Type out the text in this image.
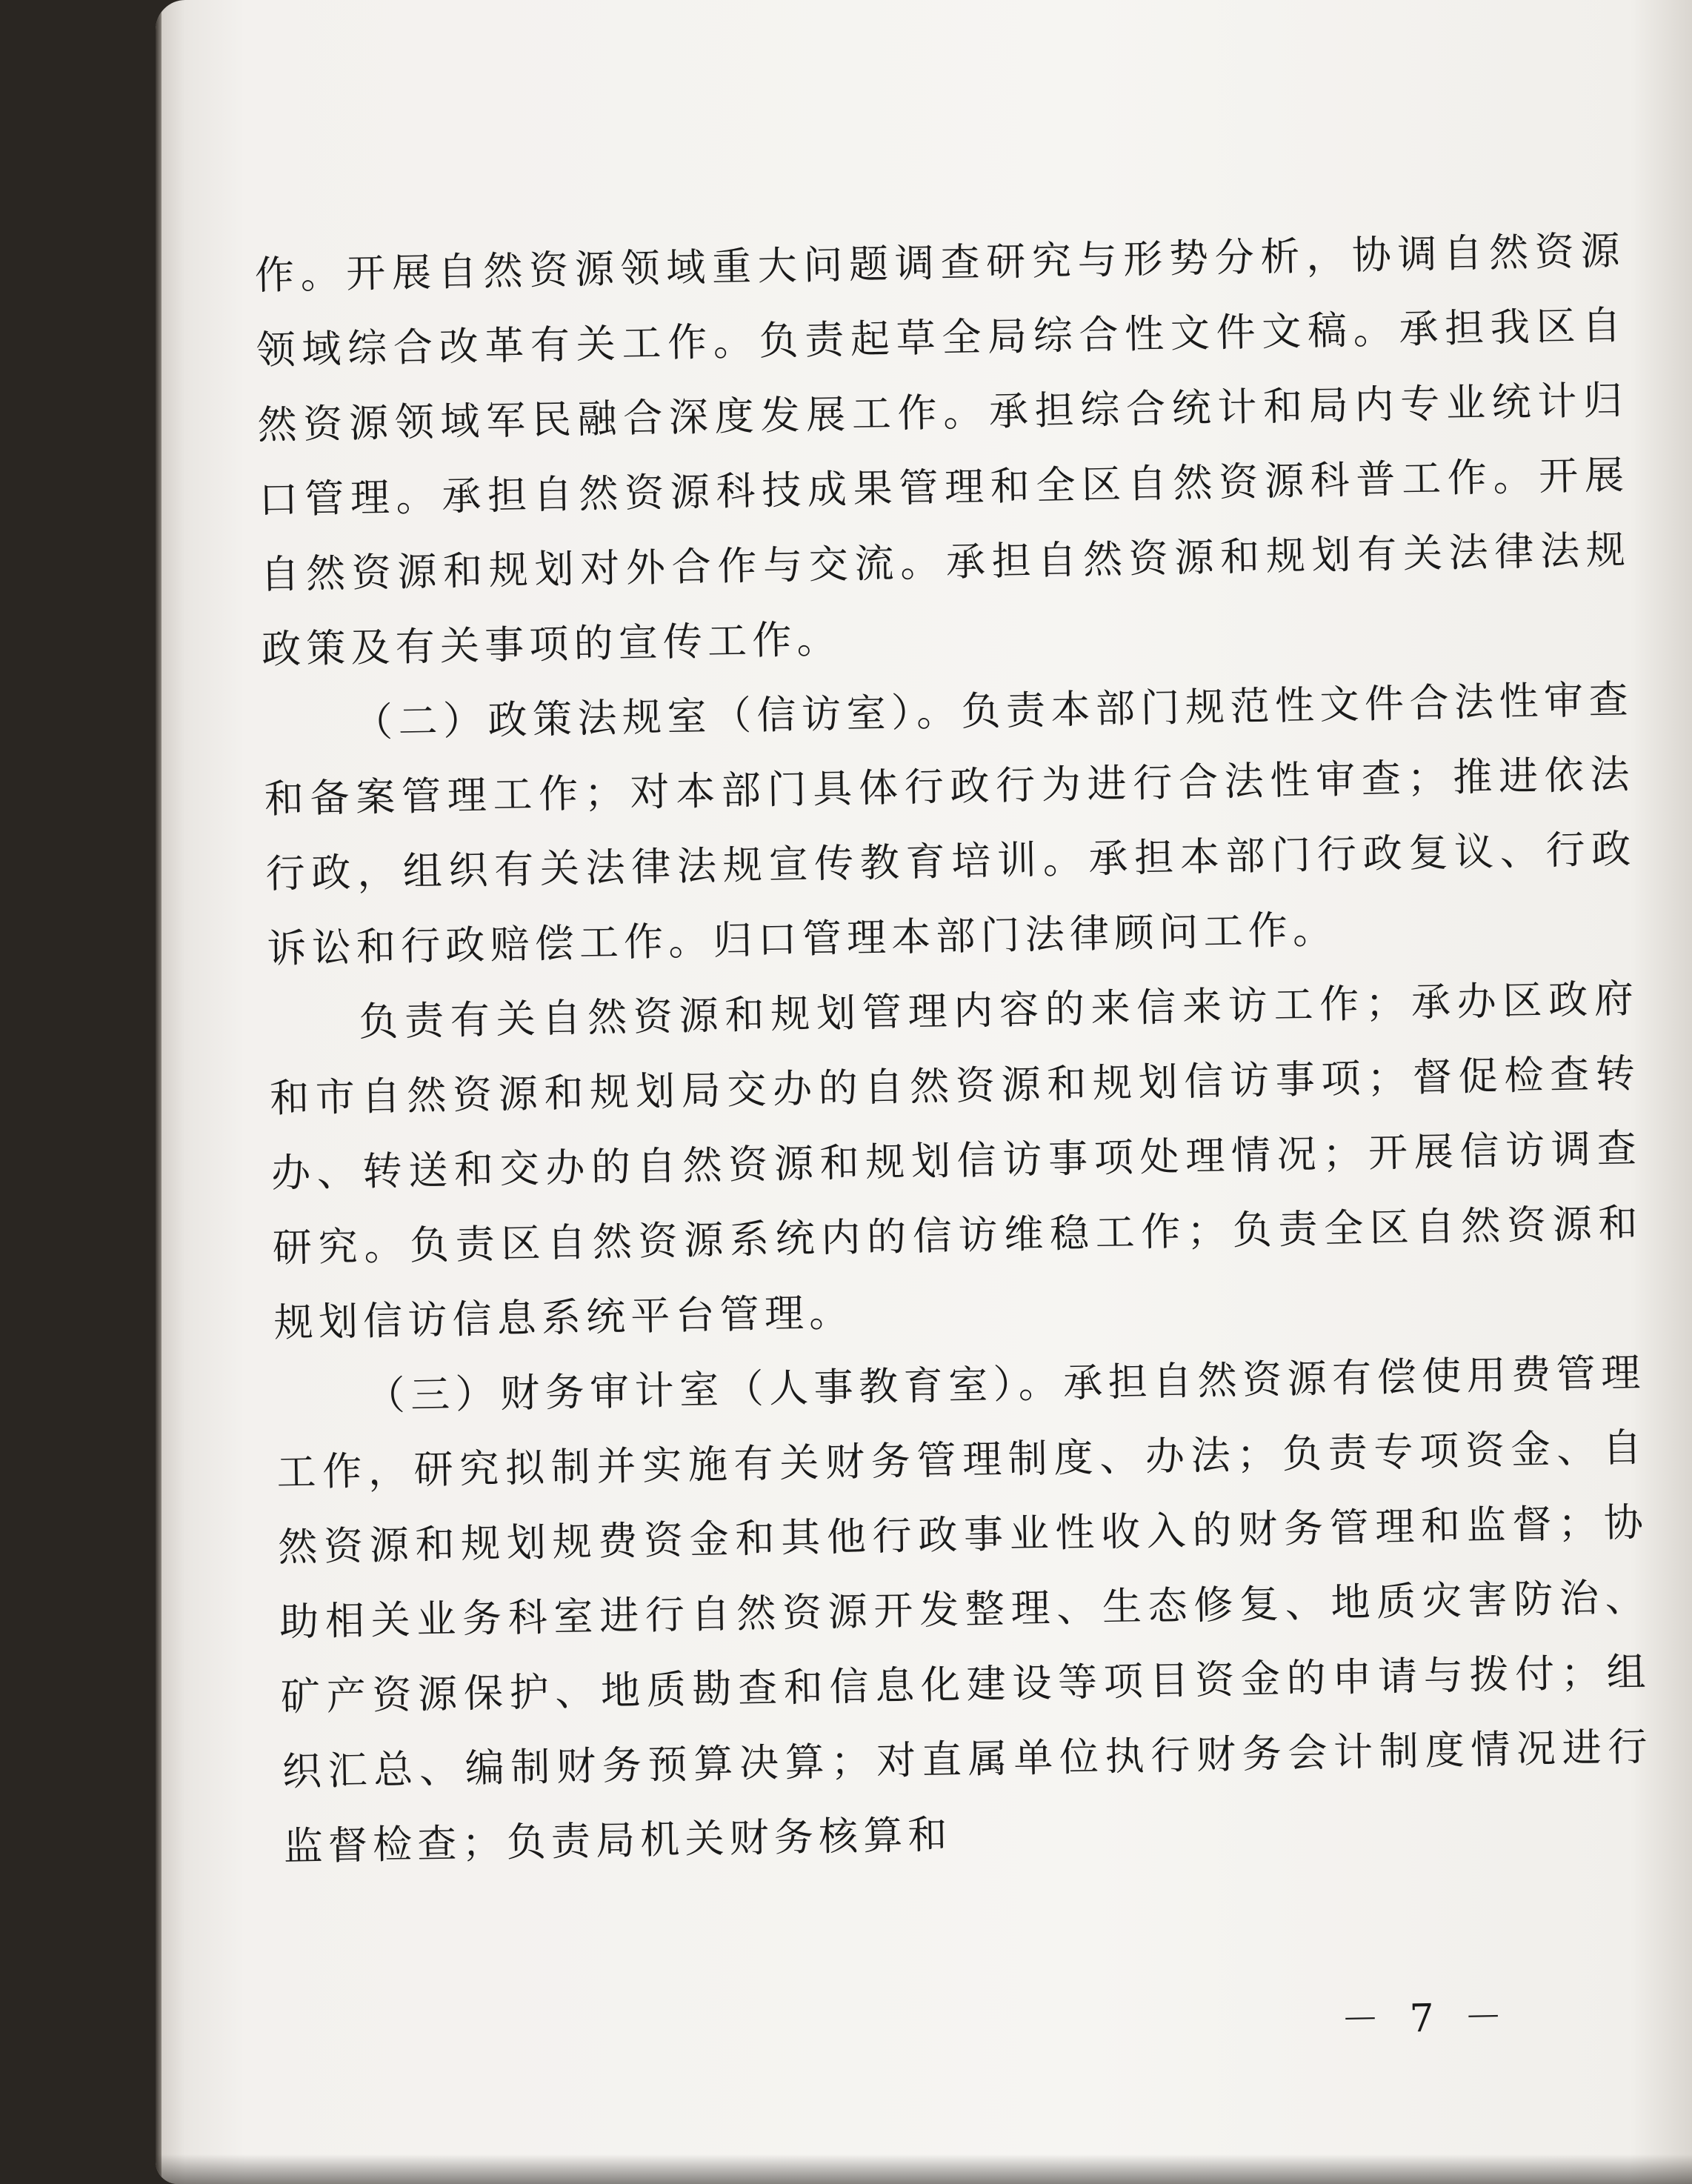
作。开展自然资源领域重大问题调查研究与形势分析，协调自然资源领域综合改革有关工作。负责起草全局综合性文件文稿。承担我区自然资源领域军民融合深度发展工作。承担综合统计和局内专业统计归口管理。承担自然资源科技成果管理和全区自然资源科普工作。开展自然资源和规划对外合作与交流。承担自然资源和规划有关法律法规政策及有关事项的宣传工作。

（二）政策法规室（信访室）。负责本部门规范性文件合法性审查和备案管理工作；对本部门具体行政行为进行合法性审查；推进依法行政，组织有关法律法规宣传教育培训。承担本部门行政复议、行政诉讼和行政赔偿工作。归口管理本部门法律顾问工作。

负责有关自然资源和规划管理内容的来信来访工作；承办区政府和市自然资源和规划局交办的自然资源和规划信访事项；督促检查转办、转送和交办的自然资源和规划信访事项处理情况；开展信访调查研究。负责区自然资源系统内的信访维稳工作；负责全区自然资源和规划信访信息系统平台管理。

（三）财务审计室（人事教育室）。承担自然资源有偿使用费管理工作，研究拟制并实施有关财务管理制度、办法；负责专项资金、自然资源和规划规费资金和其他行政事业性收入的财务管理和监督；协助相关业务科室进行自然资源开发整理、生态修复、地质灾害防治、矿产资源保护、地质勘查和信息化建设等项目资金的申请与拨付；组织汇总、编制财务预算决算；对直属单位执行财务会计制度情况进行监督检查；负责局机关财务核算和

－ 7 －
